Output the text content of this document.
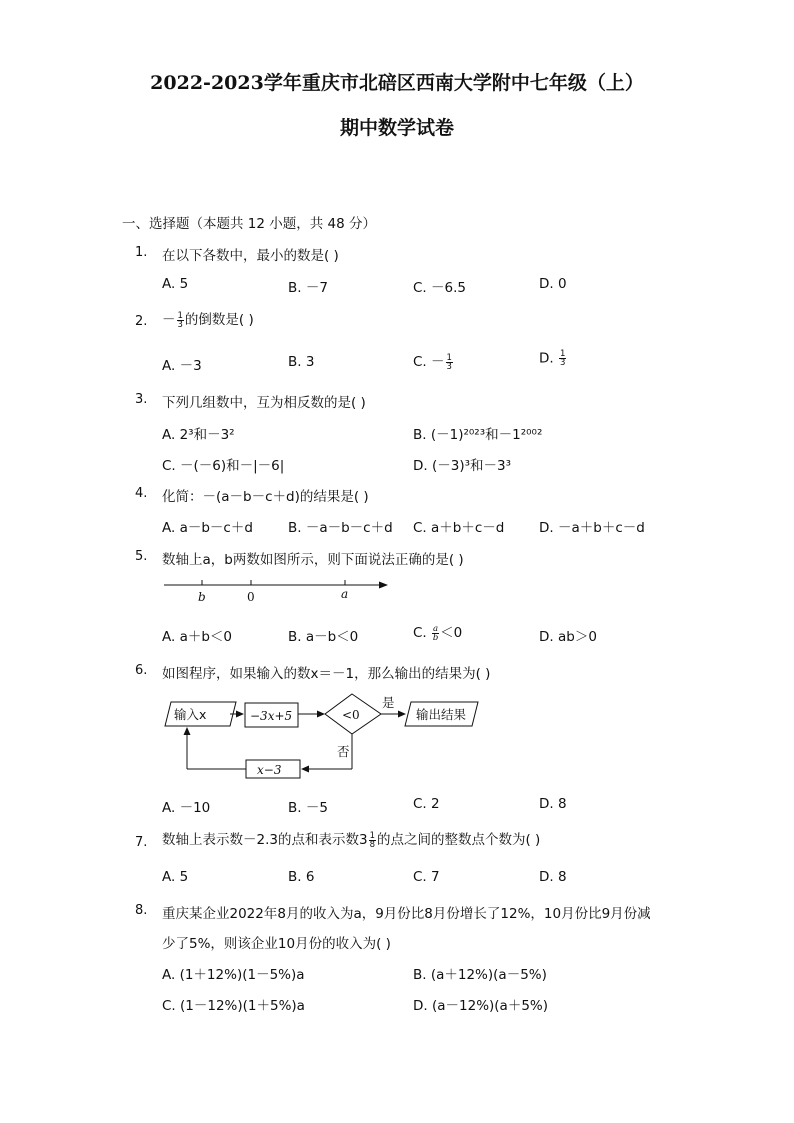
2022-2023学年重庆市北碚区西南大学附中七年级（上）
期中数学试卷
一、选择题（本题共 12 小题，共 48 分）
1. 在以下各数中，最小的数是( )
A. 5	B. －7	C. －6.5	D. 0
2. － $\frac{1}{3}$ 的倒数是( )
A. －3	B. 3	C. － $\frac{1}{3}$	D. $\frac{1}{3}$
3. 下列几组数中，互为相反数的是( )
A. 2³和－3²	B. (－1)²⁰²³和－1²⁰⁰²
C. －(－6)和－|－6|	D. (－3)³和－3³
4. 化简：－(a－b－c＋d)的结果是( )
A. a－b－c＋d	B. －a－b－c＋d C. a＋b＋c－d	D. －a＋b＋c－d
5. 数轴上a，b两数如图所示，则下面说法正确的是( )
b	0	a
A. a＋b＜0	B. a－b＜0	C. $\frac{a}{b} <0$	D. ab＞0
6. 如图程序，如果输入的数x＝－1，那么输出的结果为( )
输入x	−3x+5	<0
是
输出结果
否
x−3
A. －10	B. －5	C. 2	D. 8
7. 数轴上表示数－2.3的点和表示数$3 \frac{1}{8}$ 的点之间的整数点个数为( )
A. 5	B. 6	C. 7	D. 8
8. 重庆某企业2022年8月的收入为a，9月份比8月份增长了12%，10月份比9月份减
少了5%，则该企业10月份的收入为( )
A. (1＋12%)(1－5%)a	B. (a＋12%)(a－5%)
C. (1－12%)(1＋5%)a	D. (a－12%)(a＋5%)
